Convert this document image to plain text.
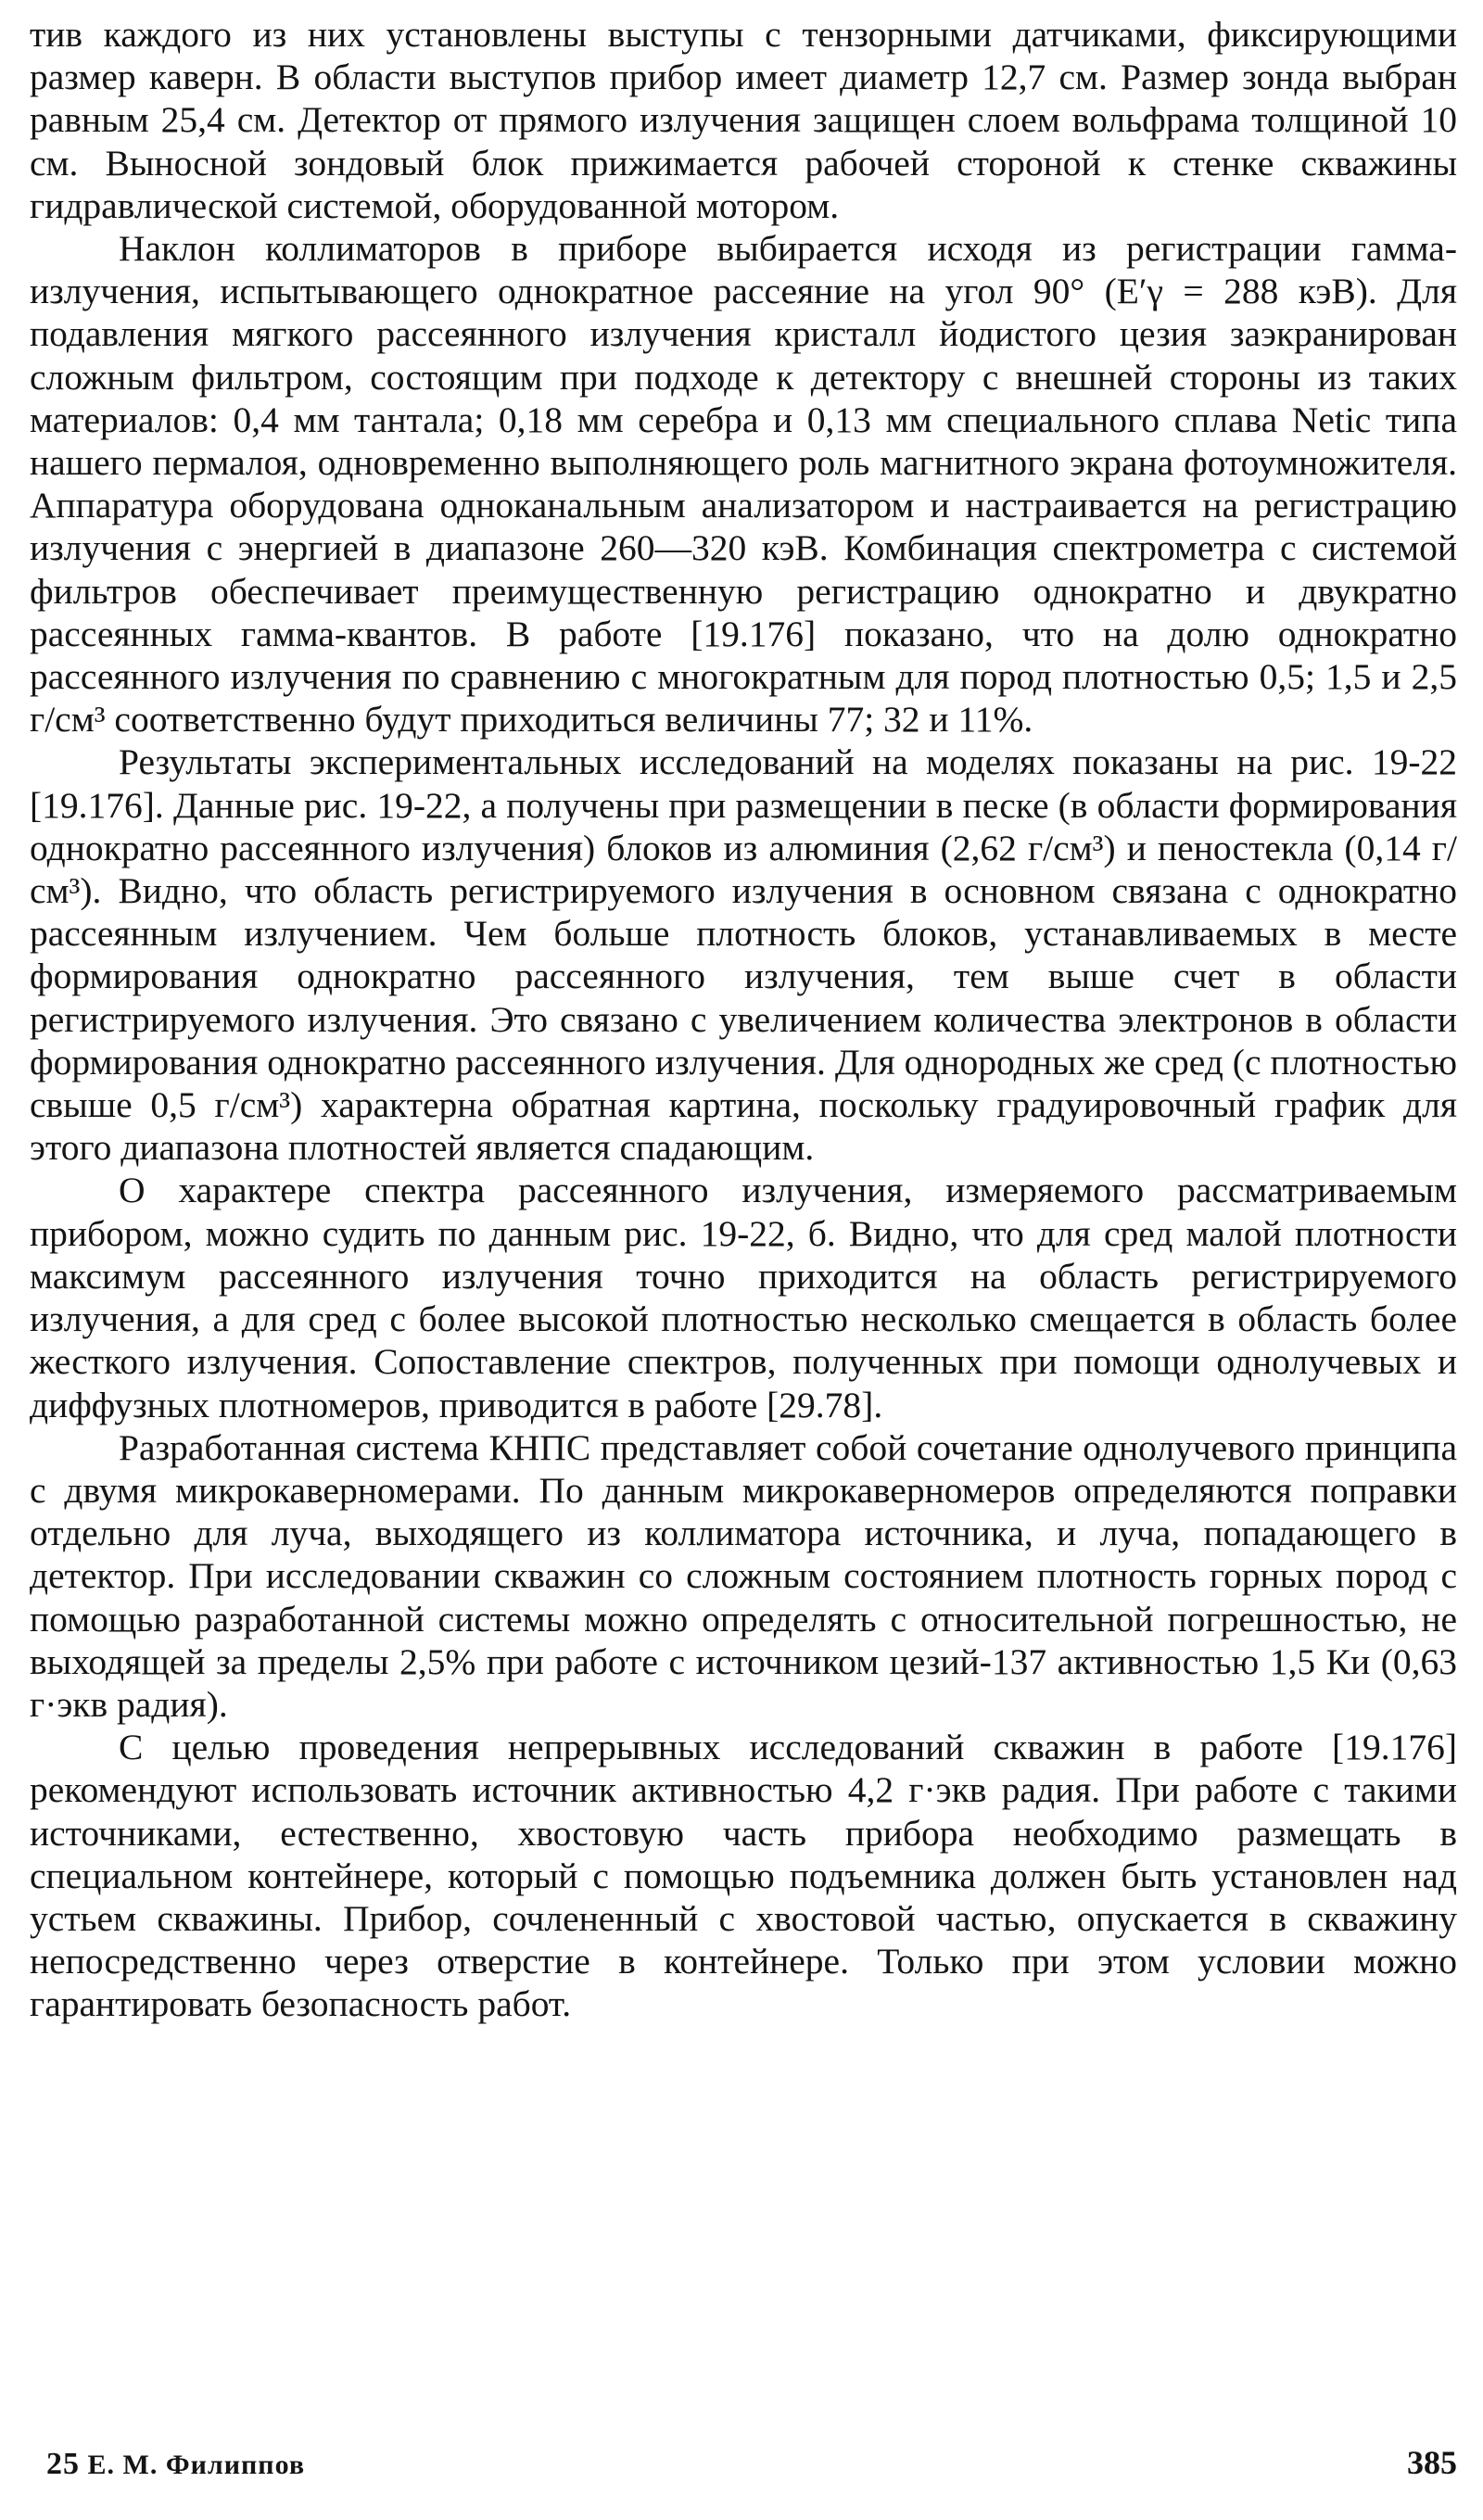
тив каждого из них установлены выступы с тензорными датчиками, фиксирующими размер каверн. В области выступов прибор имеет диаметр 12,7 см. Размер зонда выбран равным 25,4 см. Детектор от прямого излучения защищен слоем вольфрама толщиной 10 см. Выносной зондовый блок прижимается рабочей стороной к стенке скважины гидравлической системой, оборудованной мотором.

Наклон коллиматоров в приборе выбирается исходя из регистрации гамма-излучения, испытывающего однократное рассеяние на угол 90° (E′γ = 288 кэВ). Для подавления мягкого рассеянного излучения кристалл йодистого цезия заэкранирован сложным фильтром, состоящим при подходе к детектору с внешней стороны из таких материалов: 0,4 мм тантала; 0,18 мм серебра и 0,13 мм специального сплава Netic типа нашего пермалоя, одновременно выполняющего роль магнитного экрана фотоумножителя. Аппаратура оборудована одноканальным анализатором и настраивается на регистрацию излучения с энергией в диапазоне 260—320 кэВ. Комбинация спектрометра с системой фильтров обеспечивает преимущественную регистрацию однократно и двукратно рассеянных гамма-квантов. В работе [19.176] показано, что на долю однократно рассеянного излучения по сравнению с многократным для пород плотностью 0,5; 1,5 и 2,5 г/см³ соответственно будут приходиться величины 77; 32 и 11%.

Результаты экспериментальных исследований на моделях показаны на рис. 19-22 [19.176]. Данные рис. 19-22, а получены при размещении в песке (в области формирования однократно рассеянного излучения) блоков из алюминия (2,62 г/см³) и пеностекла (0,14 г/см³). Видно, что область регистрируемого излучения в основном связана с однократно рассеянным излучением. Чем больше плотность блоков, устанавливаемых в месте формирования однократно рассеянного излучения, тем выше счет в области регистрируемого излучения. Это связано с увеличением количества электронов в области формирования однократно рассеянного излучения. Для однородных же сред (с плотностью свыше 0,5 г/см³) характерна обратная картина, поскольку градуировочный график для этого диапазона плотностей является спадающим.

О характере спектра рассеянного излучения, измеряемого рассматриваемым прибором, можно судить по данным рис. 19-22, б. Видно, что для сред малой плотности максимум рассеянного излучения точно приходится на область регистрируемого излучения, а для сред с более высокой плотностью несколько смещается в область более жесткого излучения. Сопоставление спектров, полученных при помощи однолучевых и диффузных плотномеров, приводится в работе [29.78].

Разработанная система КНПС представляет собой сочетание однолучевого принципа с двумя микрокаверномерами. По данным микрокаверномеров определяются поправки отдельно для луча, выходящего из коллиматора источника, и луча, попадающего в детектор. При исследовании скважин со сложным состоянием плотность горных пород с помощью разработанной системы можно определять с относительной погрешностью, не выходящей за пределы 2,5% при работе с источником цезий-137 активностью 1,5 Ки (0,63 г·экв радия).

С целью проведения непрерывных исследований скважин в работе [19.176] рекомендуют использовать источник активностью 4,2 г·экв радия. При работе с такими источниками, естественно, хвостовую часть прибора необходимо размещать в специальном контейнере, который с помощью подъемника должен быть установлен над устьем скважины. Прибор, сочлененный с хвостовой частью, опускается в скважину непосредственно через отверстие в контейнере. Только при этом условии можно гарантировать безопасность работ.

25 Е. М. Филиппов	385
